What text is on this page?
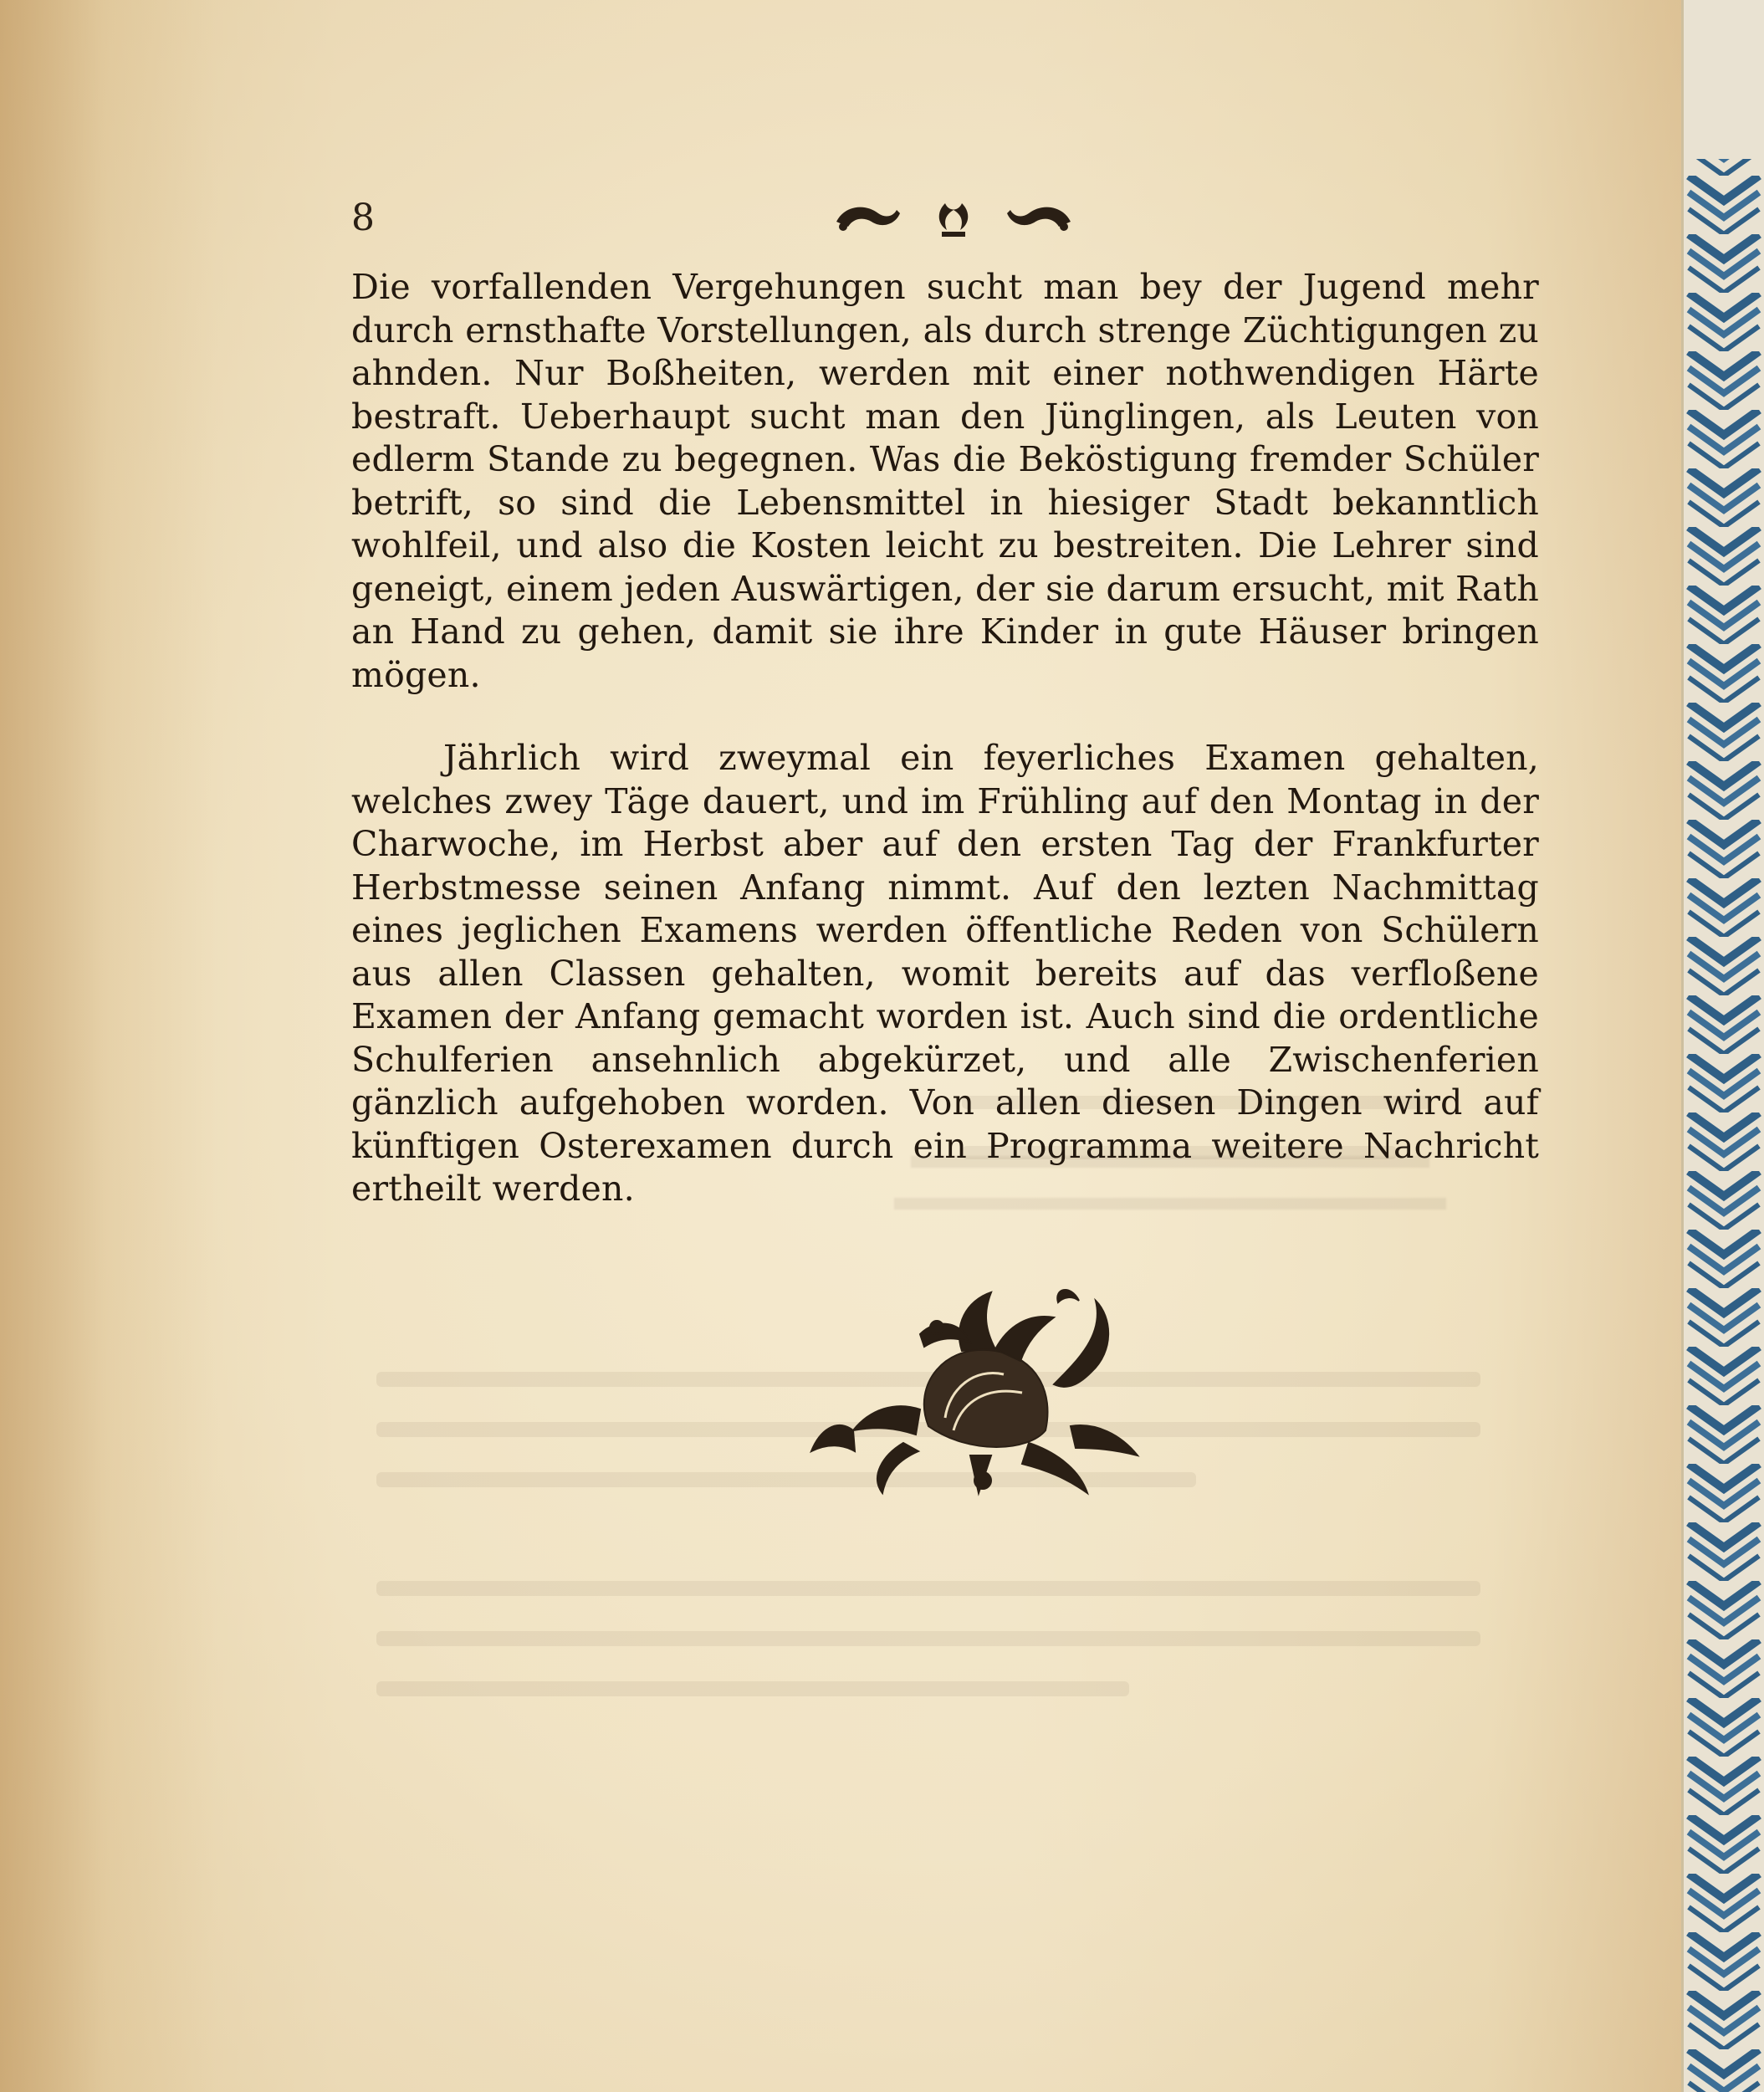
8

Die vorfallenden Vergehungen sucht man bey der Jugend mehr durch ernsthafte Vorstellungen, als durch strenge Züchtigungen zu ahnden. Nur Boßheiten, werden mit einer nothwendigen Härte bestraft. Ueberhaupt sucht man den Jünglingen, als Leuten von edlerm Stande zu begegnen. Was die Beköstigung fremder Schüler betrift, so sind die Lebensmittel in hiesiger Stadt bekanntlich wohlfeil, und also die Kosten leicht zu bestreiten. Die Lehrer sind geneigt, einem jeden Auswärtigen, der sie darum ersucht, mit Rath an Hand zu gehen, damit sie ihre Kinder in gute Häuser bringen mögen.

Jährlich wird zweymal ein feyerliches Examen gehalten, welches zwey Täge dauert, und im Frühling auf den Montag in der Charwoche, im Herbst aber auf den ersten Tag der Frankfurter Herbstmesse seinen Anfang nimmt. Auf den lezten Nachmittag eines jeglichen Examens werden öffentliche Reden von Schülern aus allen Classen gehalten, womit bereits auf das verfloßene Examen der Anfang gemacht worden ist. Auch sind die ordentliche Schulferien ansehnlich abgekürzet, und alle Zwischenferien gänzlich aufgehoben worden. Von allen diesen Dingen wird auf künftigen Osterexamen durch ein Programma weitere Nachricht ertheilt werden.
